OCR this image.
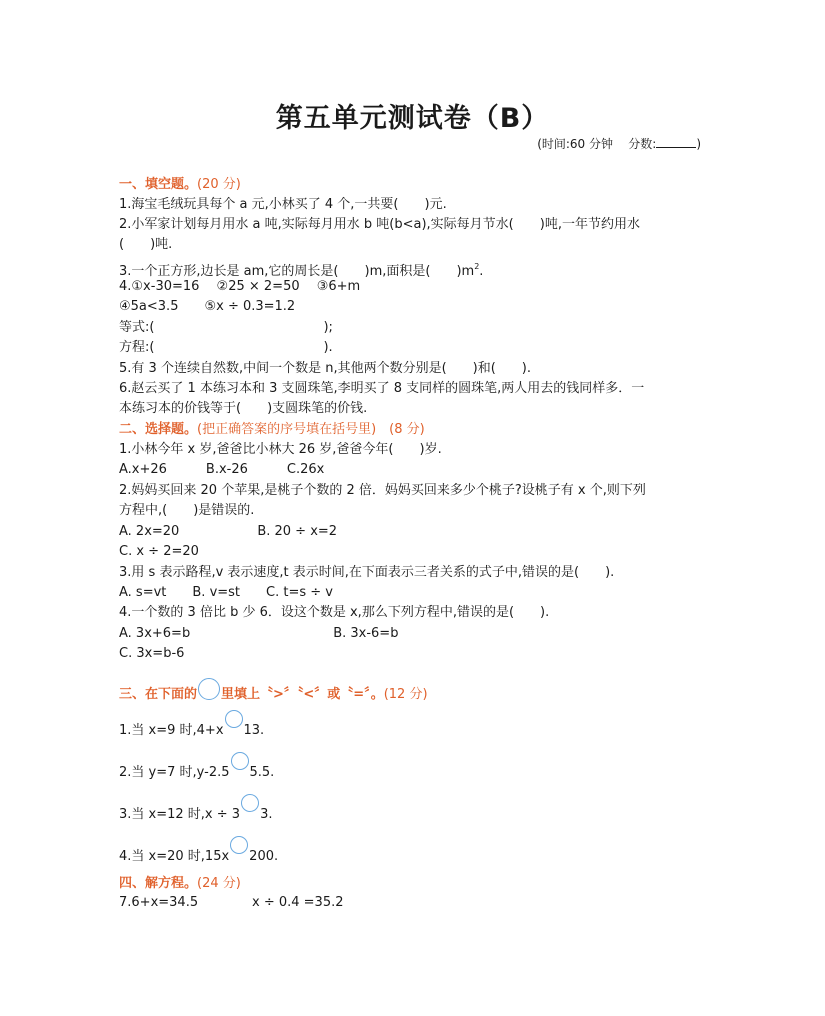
第五单元测试卷（B）
(时间:60 分钟 分数:	)
一、填空题。(20 分)
1.海宝毛绒玩具每个 a 元,小林买了 4 个,一共要(　　)元.
2.小军家计划每月用水 a 吨,实际每月用水 b 吨(b<a),实际每月节水(　　)吨,一年节约用水
(　　)吨.
3.一个正方形,边长是 am,它的周长是(　　)m,面积是(　　)$m^2$.
4.①x-30=16　 ②25 × 2=50　 ③6+m
④5a<3.5　　⑤x ÷ 0.3=1.2
等式:(　　　　　　　　　　　　　);
方程:(　　　　　　　　　　　　　).
5.有 3 个连续自然数,中间一个数是 n,其他两个数分别是(　　)和(　　).
6.赵云买了 1 本练习本和 3 支圆珠笔,李明买了 8 支同样的圆珠笔,两人用去的钱同样多．一
本练习本的价钱等于(　　)支圆珠笔的价钱.
二、选择题。(把正确答案的序号填在括号里)　(8 分)
1.小林今年 x 岁,爸爸比小林大 26 岁,爸爸今年(　　)岁.
A.x+26　　　B.x-26　　　C.26x
2.妈妈买回来 20 个苹果,是桃子个数的 2 倍．妈妈买回来多少个桃子?设桃子有 x 个,则下列
方程中,(　　)是错误的.
A. 2x=20　　　　　　B. 20 ÷ x=2
C. x ÷ 2=20
3.用 s 表示路程,v 表示速度,t 表示时间,在下面表示三者关系的式子中,错误的是(　　).
A. s=vt　　B. v=st　　C. t=s ÷ v
4.一个数的 3 倍比 b 少 6．设这个数是 x,那么下列方程中,错误的是(　　).
A. 3x+6=b　　　　　　　　　　　B. 3x-6=b
C. 3x=b-6
三、在下面的 里填上〝>〞〝<〞或〝=〞。(12 分)
1.当 x=9 时,4+x 13.
2.当 y=7 时,y-2.5 5.5.
3.当 x=12 时,x ÷ 3 3.
4.当 x=20 时,15x 200.
四、解方程。(24 分)
7.6+x=34.5	x ÷ 0.4 =35.2
